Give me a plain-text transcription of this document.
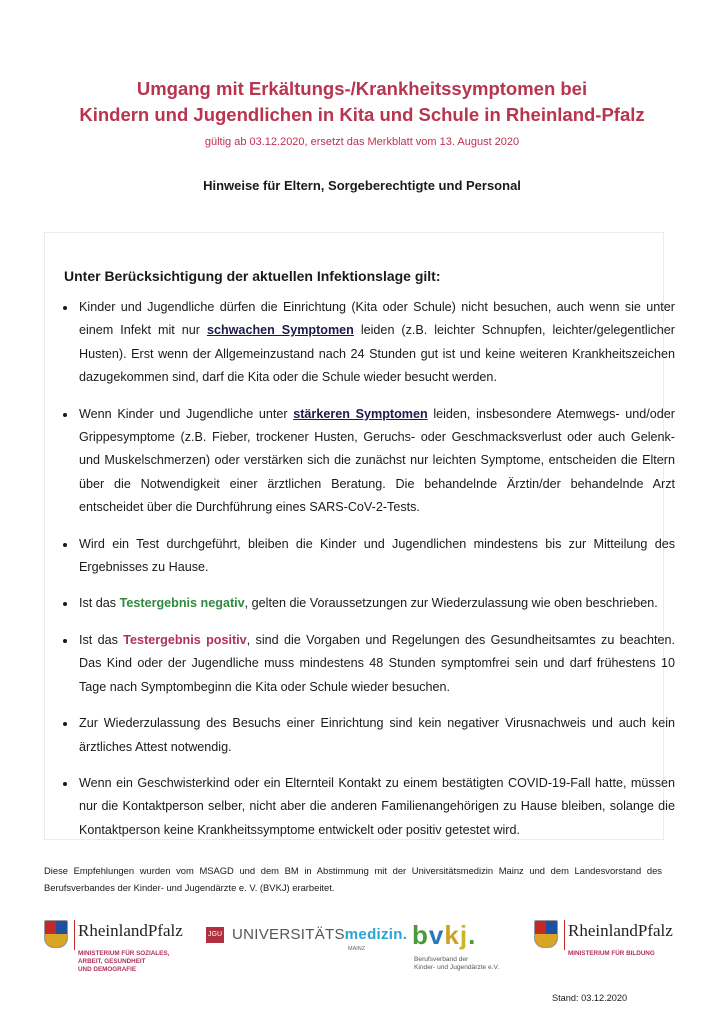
Umgang mit Erkältungs-/Krankheitssymptomen bei
Kindern und Jugendlichen in Kita und Schule in Rheinland-Pfalz

gültig ab 03.12.2020, ersetzt das Merkblatt vom 13. August 2020

Hinweise für Eltern, Sorgeberechtigte und Personal

Unter Berücksichtigung der aktuellen Infektionslage gilt:

• Kinder und Jugendliche dürfen die Einrichtung (Kita oder Schule) nicht besuchen, auch wenn sie unter einem Infekt mit nur schwachen Symptomen leiden (z.B. leichter Schnupfen, leichter/gelegentlicher Husten). Erst wenn der Allgemeinzustand nach 24 Stunden gut ist und keine weiteren Krankheitszeichen dazugekommen sind, darf die Kita oder die Schule wieder besucht werden.
• Wenn Kinder und Jugendliche unter stärkeren Symptomen leiden, insbesondere Atemwegs- und/oder Grippesymptome (z.B. Fieber, trockener Husten, Geruchs- oder Geschmacksverlust oder auch Gelenk- und Muskelschmerzen) oder verstärken sich die zunächst nur leichten Symptome, entscheiden die Eltern über die Notwendigkeit einer ärztlichen Beratung. Die behandelnde Ärztin/der behandelnde Arzt entscheidet über die Durchführung eines SARS-CoV-2-Tests.
• Wird ein Test durchgeführt, bleiben die Kinder und Jugendlichen mindestens bis zur Mitteilung des Ergebnisses zu Hause.
• Ist das Testergebnis negativ, gelten die Voraussetzungen zur Wiederzulassung wie oben beschrieben.
• Ist das Testergebnis positiv, sind die Vorgaben und Regelungen des Gesundheitsamtes zu beachten. Das Kind oder der Jugendliche muss mindestens 48 Stunden symptomfrei sein und darf frühestens 10 Tage nach Symptombeginn die Kita oder Schule wieder besuchen.
• Zur Wiederzulassung des Besuchs einer Einrichtung sind kein negativer Virusnachweis und auch kein ärztliches Attest notwendig.
• Wenn ein Geschwisterkind oder ein Elternteil Kontakt zu einem bestätigten COVID-19-Fall hatte, müssen nur die Kontaktperson selber, nicht aber die anderen Familienangehörigen zu Hause bleiben, solange die Kontaktperson keine Krankheitssymptome entwickelt oder positiv getestet wird.

Diese Empfehlungen wurden vom MSAGD und dem BM in Abstimmung mit der Universitätsmedizin Mainz und dem Landesvorstand des Berufsverbandes der Kinder- und Jugendärzte e. V. (BVKJ) erarbeitet.

RheinlandPfalz

MINISTERIUM FÜR SOZIALES,
ARBEIT, GESUNDHEIT
UND DEMOGRAFIE

JGU UNIVERSITÄTSmedizin.
MAINZ bvkj.

Berufsverband der
Kinder- und Jugendärzte e.V.

RheinlandPfalz

MINISTERIUM FÜR BILDUNG

Stand: 03.12.2020
